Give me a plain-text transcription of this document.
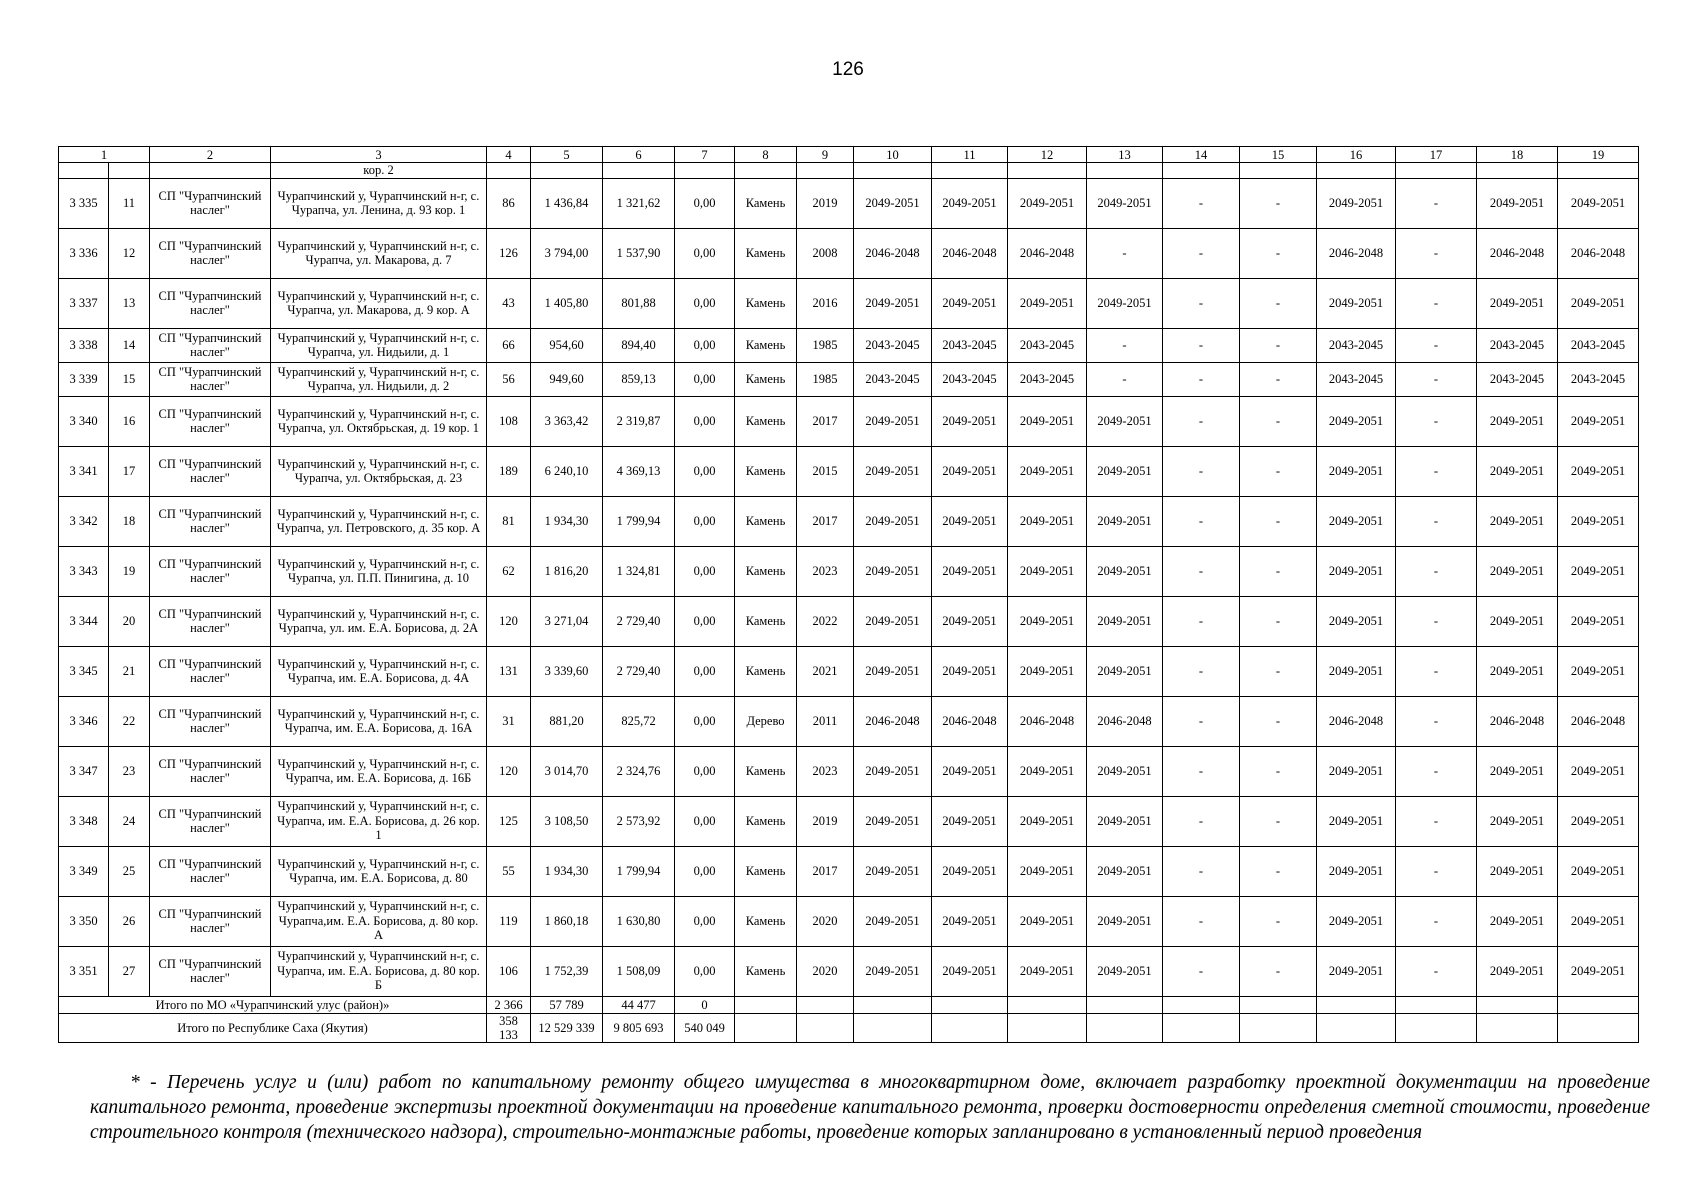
126
1		2	3	4	5	6	7	8	9	10	11	12	13	14	15	16	17	18	19
			кор. 2																
3 335	11	СП "Чурапчинский наслег"	Чурапчинский у, Чурапчинский н-г, с. Чурапча, ул. Ленина, д. 93 кор. 1	86	1 436,84	1 321,62	0,00	Камень	2019	2049-2051	2049-2051	2049-2051	2049-2051	-	-	2049-2051	-	2049-2051	2049-2051
3 336	12	СП "Чурапчинский наслег"	Чурапчинский у, Чурапчинский н-г, с. Чурапча, ул. Макарова, д. 7	126	3 794,00	1 537,90	0,00	Камень	2008	2046-2048	2046-2048	2046-2048	-	-	-	2046-2048	-	2046-2048	2046-2048
3 337	13	СП "Чурапчинский наслег"	Чурапчинский у, Чурапчинский н-г, с. Чурапча, ул. Макарова, д. 9 кор. А	43	1 405,80	801,88	0,00	Камень	2016	2049-2051	2049-2051	2049-2051	2049-2051	-	-	2049-2051	-	2049-2051	2049-2051
3 338	14	СП "Чурапчинский наслег"	Чурапчинский у, Чурапчинский н-г, с. Чурапча, ул. Нидьили, д. 1	66	954,60	894,40	0,00	Камень	1985	2043-2045	2043-2045	2043-2045	-	-	-	2043-2045	-	2043-2045	2043-2045
3 339	15	СП "Чурапчинский наслег"	Чурапчинский у, Чурапчинский н-г, с. Чурапча, ул. Нидьили, д. 2	56	949,60	859,13	0,00	Камень	1985	2043-2045	2043-2045	2043-2045	-	-	-	2043-2045	-	2043-2045	2043-2045
3 340	16	СП "Чурапчинский наслег"	Чурапчинский у, Чурапчинский н-г, с. Чурапча, ул. Октябрьская, д. 19 кор. 1	108	3 363,42	2 319,87	0,00	Камень	2017	2049-2051	2049-2051	2049-2051	2049-2051	-	-	2049-2051	-	2049-2051	2049-2051
3 341	17	СП "Чурапчинский наслег"	Чурапчинский у, Чурапчинский н-г, с. Чурапча, ул. Октябрьская, д. 23	189	6 240,10	4 369,13	0,00	Камень	2015	2049-2051	2049-2051	2049-2051	2049-2051	-	-	2049-2051	-	2049-2051	2049-2051
3 342	18	СП "Чурапчинский наслег"	Чурапчинский у, Чурапчинский н-г, с. Чурапча, ул. Петровского, д. 35 кор. А	81	1 934,30	1 799,94	0,00	Камень	2017	2049-2051	2049-2051	2049-2051	2049-2051	-	-	2049-2051	-	2049-2051	2049-2051
3 343	19	СП "Чурапчинский наслег"	Чурапчинский у, Чурапчинский н-г, с. Чурапча, ул. П.П. Пинигина, д. 10	62	1 816,20	1 324,81	0,00	Камень	2023	2049-2051	2049-2051	2049-2051	2049-2051	-	-	2049-2051	-	2049-2051	2049-2051
3 344	20	СП "Чурапчинский наслег"	Чурапчинский у, Чурапчинский н-г, с. Чурапча, ул. им. Е.А. Борисова, д. 2А	120	3 271,04	2 729,40	0,00	Камень	2022	2049-2051	2049-2051	2049-2051	2049-2051	-	-	2049-2051	-	2049-2051	2049-2051
3 345	21	СП "Чурапчинский наслег"	Чурапчинский у, Чурапчинский н-г, с. Чурапча, им. Е.А. Борисова, д. 4А	131	3 339,60	2 729,40	0,00	Камень	2021	2049-2051	2049-2051	2049-2051	2049-2051	-	-	2049-2051	-	2049-2051	2049-2051
3 346	22	СП "Чурапчинский наслег"	Чурапчинский у, Чурапчинский н-г, с. Чурапча, им. Е.А. Борисова, д. 16А	31	881,20	825,72	0,00	Дерево	2011	2046-2048	2046-2048	2046-2048	2046-2048	-	-	2046-2048	-	2046-2048	2046-2048
3 347	23	СП "Чурапчинский наслег"	Чурапчинский у, Чурапчинский н-г, с. Чурапча, им. Е.А. Борисова, д. 16Б	120	3 014,70	2 324,76	0,00	Камень	2023	2049-2051	2049-2051	2049-2051	2049-2051	-	-	2049-2051	-	2049-2051	2049-2051
3 348	24	СП "Чурапчинский наслег"	Чурапчинский у, Чурапчинский н-г, с. Чурапча, им. Е.А. Борисова, д. 26 кор. 1	125	3 108,50	2 573,92	0,00	Камень	2019	2049-2051	2049-2051	2049-2051	2049-2051	-	-	2049-2051	-	2049-2051	2049-2051
3 349	25	СП "Чурапчинский наслег"	Чурапчинский у, Чурапчинский н-г, с. Чурапча, им. Е.А. Борисова, д. 80	55	1 934,30	1 799,94	0,00	Камень	2017	2049-2051	2049-2051	2049-2051	2049-2051	-	-	2049-2051	-	2049-2051	2049-2051
3 350	26	СП "Чурапчинский наслег"	Чурапчинский у, Чурапчинский н-г, с. Чурапча,им. Е.А. Борисова, д. 80 кор. А	119	1 860,18	1 630,80	0,00	Камень	2020	2049-2051	2049-2051	2049-2051	2049-2051	-	-	2049-2051	-	2049-2051	2049-2051
3 351	27	СП "Чурапчинский наслег"	Чурапчинский у, Чурапчинский н-г, с. Чурапча, им. Е.А. Борисова, д. 80 кор. Б	106	1 752,39	1 508,09	0,00	Камень	2020	2049-2051	2049-2051	2049-2051	2049-2051	-	-	2049-2051	-	2049-2051	2049-2051
Итого по МО «Чурапчинский улус (район)»				2 366	57 789	44 477	0												
Итого по Республике Саха (Якутия)				358 133	12 529 339	9 805 693	540 049												
* - Перечень услуг и (или) работ по капитальному ремонту общего имущества в многоквартирном доме, включает разработку проектной документации на проведение капитального ремонта, проведение экспертизы проектной документации на проведение капитального ремонта, проверки достоверности определения сметной стоимости, проведение строительного контроля (технического надзора), строительно-монтажные работы, проведение которых запланировано в установленный период проведения
